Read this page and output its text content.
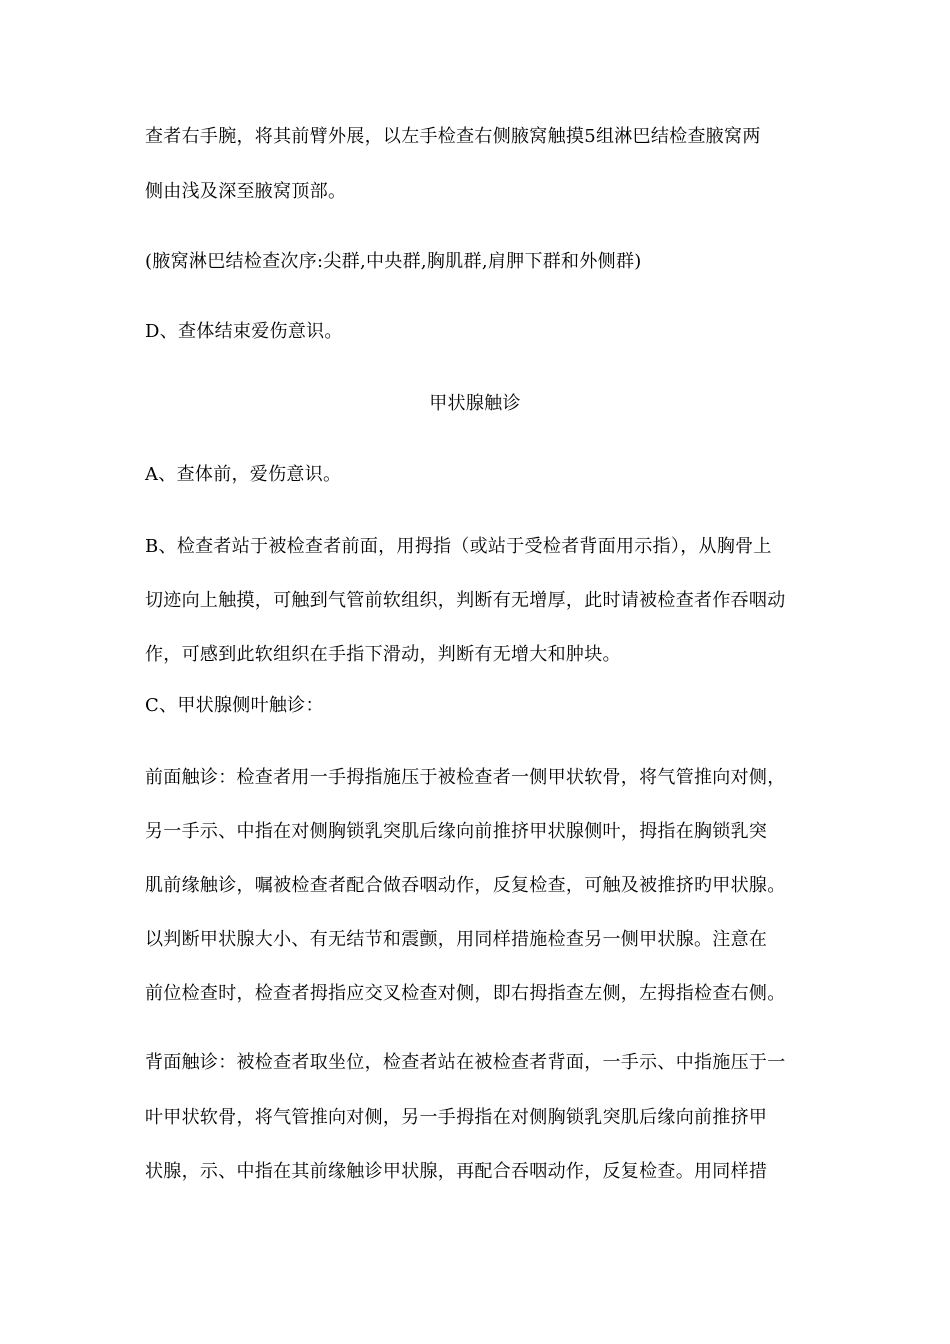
查者右手腕，将其前臂外展，以左手检查右侧腋窝触摸5组淋巴结检查腋窝两
侧由浅及深至腋窝顶部。
(腋窝淋巴结检查次序:尖群,中央群,胸肌群,肩胛下群和外侧群)
D、查体结束爱伤意识。
甲状腺触诊
A、查体前，爱伤意识。
B、检查者站于被检查者前面，用拇指（或站于受检者背面用示指），从胸骨上
切迹向上触摸，可触到气管前软组织，判断有无增厚，此时请被检查者作吞咽动
作，可感到此软组织在手指下滑动，判断有无增大和肿块。
C、甲状腺侧叶触诊：
前面触诊：检查者用一手拇指施压于被检查者一侧甲状软骨，将气管推向对侧，
另一手示、中指在对侧胸锁乳突肌后缘向前推挤甲状腺侧叶，拇指在胸锁乳突
肌前缘触诊，嘱被检查者配合做吞咽动作，反复检查，可触及被推挤旳甲状腺。
以判断甲状腺大小、有无结节和震颤，用同样措施检查另一侧甲状腺。注意在
前位检查时，检查者拇指应交叉检查对侧，即右拇指查左侧，左拇指检查右侧。
背面触诊：被检查者取坐位，检查者站在被检查者背面，一手示、中指施压于一
叶甲状软骨，将气管推向对侧，另一手拇指在对侧胸锁乳突肌后缘向前推挤甲
状腺，示、中指在其前缘触诊甲状腺，再配合吞咽动作，反复检查。用同样措
